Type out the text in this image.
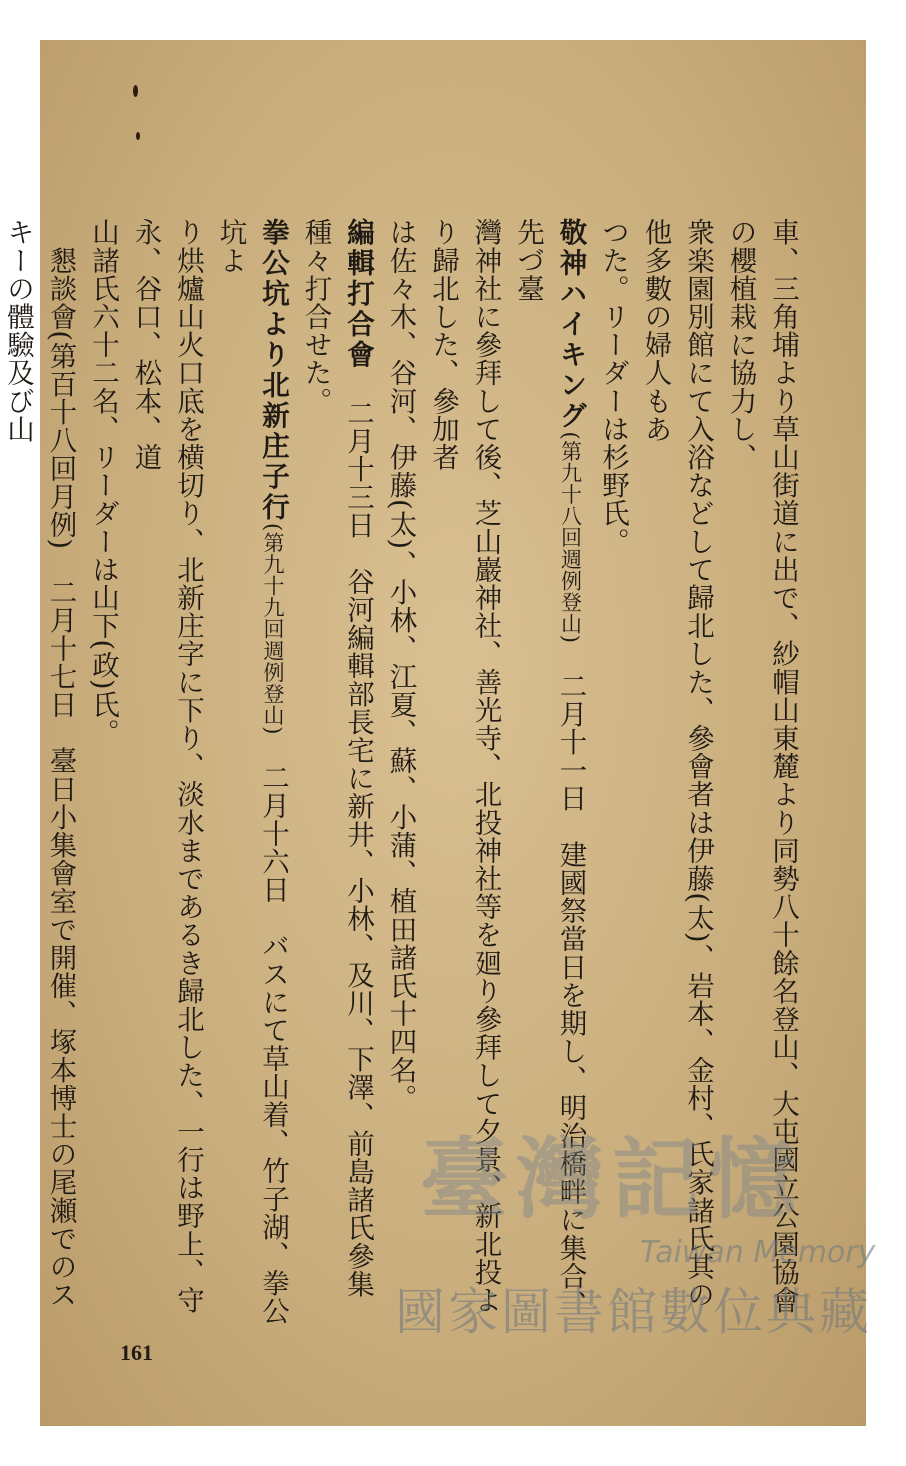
車、三角埔より草山街道に出で、紗帽山東麓より同勢八十餘名登山、大屯國立公園協會の櫻植栽に協力し、
衆楽園別館にて入浴などして歸北した、參會者は伊藤(太)、岩本、金村、氏家諸氏其の他多數の婦人もあ
つた。リーダーは杉野氏。
敬神ハイキング(第九十八回週例登山)　二月十一日　建國祭當日を期し、明治橋畔に集合、先づ臺
灣神社に參拜して後、芝山巖神社、善光寺、北投神社等を廻り參拜して夕景、新北投より歸北した、參加者
は佐々木、谷河、伊藤(太)、小林、江夏、蘇、小蒲、植田諸氏十四名。
編輯打合會　二月十三日　谷河編輯部長宅に新井、小林、及川、下澤、前島諸氏參集種々打合せた。
拳公坑より北新庄子行(第九十九回週例登山)　二月十六日　バスにて草山着、竹子湖、拳公坑よ
り烘爐山火口底を横切り、北新庄字に下り、淡水まであるき歸北した、一行は野上、守永、谷口、松本、道
山諸氏六十二名、リーダーは山下(政)氏。
　懇談會(第百十八回月例)　二月十七日　臺日小集會室で開催、塚本博士の尾瀬でのスキーの體驗及び山
161
臺灣記憶
Taiwan Memory
國家圖書館數位典藏
